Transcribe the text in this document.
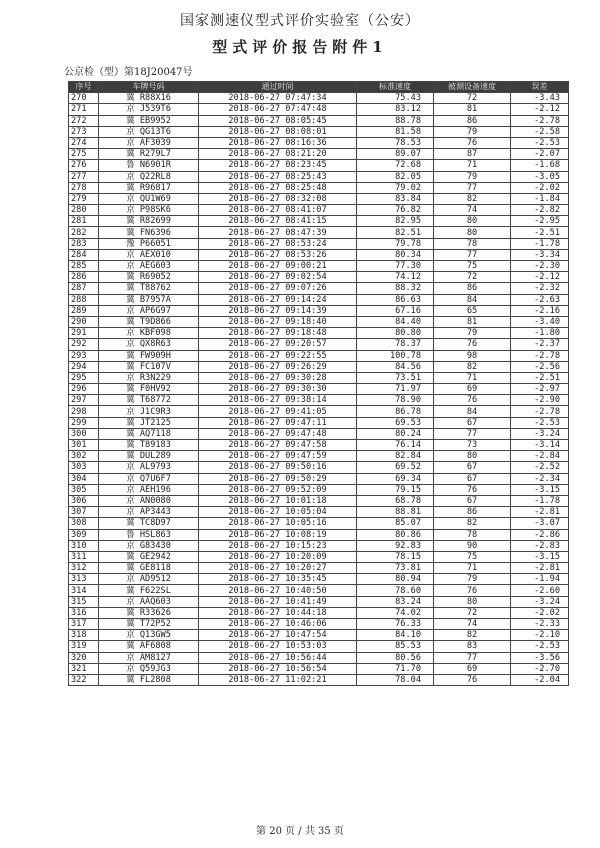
国家测速仪型式评价实验室（公安）
型式评价报告附件1
公京检（型）第18J20047号
序号	车牌号码	通过时间	标准速度	被测设备速度	误差
270	冀 R88X16	2018-06-27 07:47:34	75.43	72	-3.43
271	京 J539T6	2018-06-27 07:47:48	83.12	81	-2.12
272	冀 EB9952	2018-06-27 08:05:45	88.78	86	-2.78
273	京 QG13T6	2018-06-27 08:08:01	81.58	79	-2.58
274	京 AF3039	2018-06-27 08:16:36	78.53	76	-2.53
275	冀 R279L7	2018-06-27 08:21:20	89.07	87	-2.07
276	鲁 N6901R	2018-06-27 08:23:45	72.68	71	-1.68
277	京 Q22RL8	2018-06-27 08:25:43	82.05	79	-3.05
278	冀 R96817	2018-06-27 08:25:48	79.02	77	-2.02
279	京 QU1W69	2018-06-27 08:32:08	83.84	82	-1.84
280	京 P98SK6	2018-06-27 08:41:07	76.82	74	-2.82
281	冀 R82699	2018-06-27 08:41:15	82.95	80	-2.95
282	冀 FN6396	2018-06-27 08:47:39	82.51	80	-2.51
283	豫 P66051	2018-06-27 08:53:24	79.78	78	-1.78
284	京 AEX010	2018-06-27 08:53:26	80.34	77	-3.34
285	京 AEG603	2018-06-27 09:00:21	77.30	75	-2.30
286	冀 R69052	2018-06-27 09:02:54	74.12	72	-2.12
287	冀 T88762	2018-06-27 09:07:26	88.32	86	-2.32
288	冀 B7957A	2018-06-27 09:14:24	86.63	84	-2.63
289	京 AP6G97	2018-06-27 09:14:39	67.16	65	-2.16
290	冀 T9D866	2018-06-27 09:18:40	84.40	81	-3.40
291	京 KBF098	2018-06-27 09:18:48	80.80	79	-1.80
292	京 QX8R63	2018-06-27 09:20:57	78.37	76	-2.37
293	冀 FW909H	2018-06-27 09:22:55	100.78	98	-2.78
294	冀 FC107V	2018-06-27 09:26:29	84.56	82	-2.56
295	京 R3N229	2018-06-27 09:30:28	73.51	71	-2.51
296	冀 F0HV92	2018-06-27 09:30:30	71.97	69	-2.97
297	冀 T68772	2018-06-27 09:38:14	78.90	76	-2.90
298	京 J1C9R3	2018-06-27 09:41:05	86.78	84	-2.78
299	冀 JT2125	2018-06-27 09:47:11	69.53	67	-2.53
300	冀 AQ7118	2018-06-27 09:47:48	80.24	77	-3.24
301	冀 T89183	2018-06-27 09:47:58	76.14	73	-3.14
302	冀 DUL289	2018-06-27 09:47:59	82.84	80	-2.84
303	京 AL9793	2018-06-27 09:50:16	69.52	67	-2.52
304	京 Q7U6F7	2018-06-27 09:50:29	69.34	67	-2.34
305	京 AEH196	2018-06-27 09:52:09	79.15	76	-3.15
306	京 AN0080	2018-06-27 10:01:18	68.78	67	-1.78
307	京 AP3443	2018-06-27 10:05:04	88.81	86	-2.81
308	冀 TC8D97	2018-06-27 10:05:16	85.07	82	-3.07
309	鲁 HSL863	2018-06-27 10:08:19	80.86	78	-2.86
310	京 G83430	2018-06-27 10:15:23	92.83	90	-2.83
311	冀 GE2942	2018-06-27 10:20:09	78.15	75	-3.15
312	冀 GE8118	2018-06-27 10:20:27	73.81	71	-2.81
313	京 AD9512	2018-06-27 10:35:45	80.94	79	-1.94
314	冀 F622SL	2018-06-27 10:40:50	78.60	76	-2.60
315	京 AAQ603	2018-06-27 10:41:49	83.24	80	-3.24
316	冀 R33626	2018-06-27 10:44:18	74.02	72	-2.02
317	冀 T72P52	2018-06-27 10:46:06	76.33	74	-2.33
318	京 Q13GW5	2018-06-27 10:47:54	84.10	82	-2.10
319	冀 AF6808	2018-06-27 10:53:03	85.53	83	-2.53
320	京 AM8127	2018-06-27 10:56:44	80.56	77	-3.56
321	京 Q59JG3	2018-06-27 10:56:54	71.70	69	-2.70
322	冀 FL2808	2018-06-27 11:02:21	78.04	76	-2.04
第 20 页 / 共 35 页
